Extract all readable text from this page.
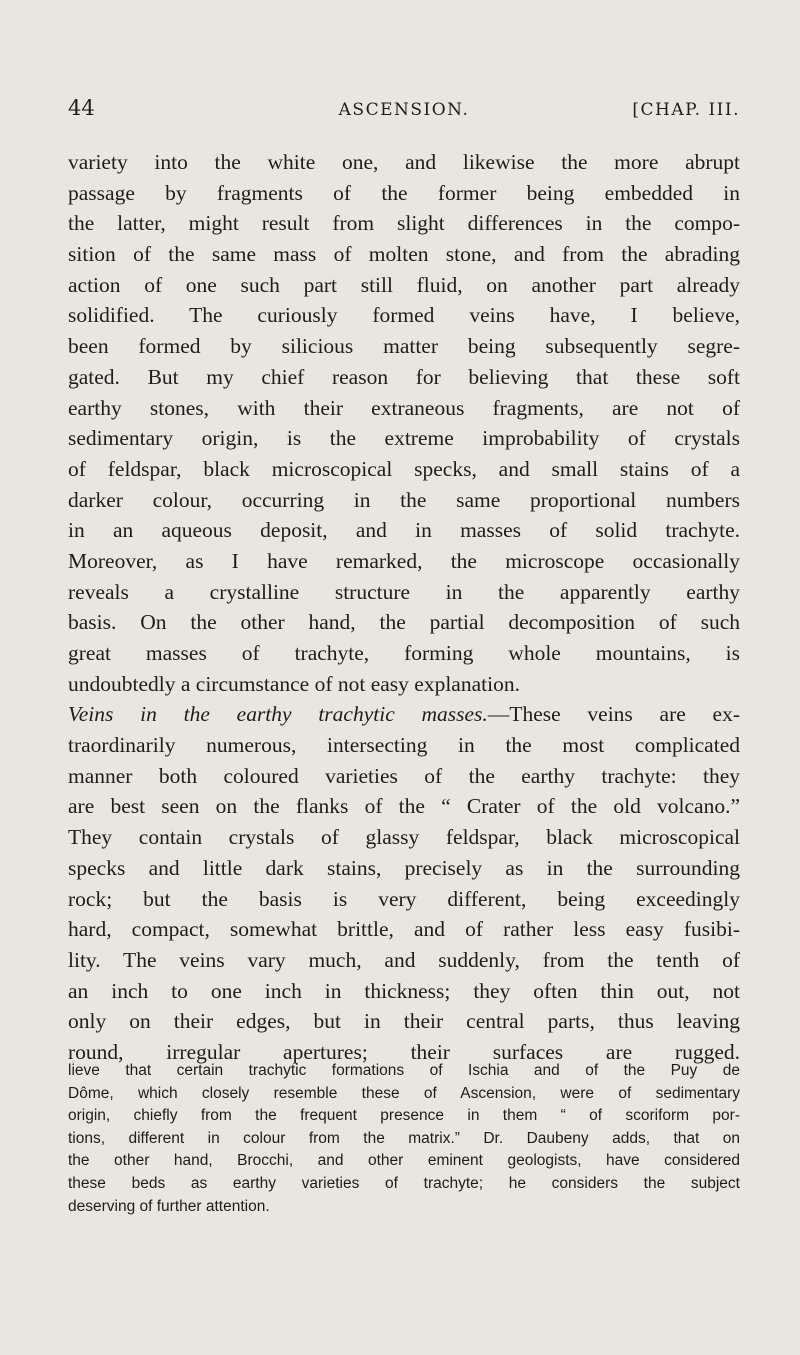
44	ASCENSION.	[CHAP. III.
variety into the white one, and likewise the more abrupt
passage by fragments of the former being embedded in
the latter, might result from slight differences in the compo-
sition of the same mass of molten stone, and from the abrading
action of one such part still fluid, on another part already
solidified. The curiously formed veins have, I believe,
been formed by silicious matter being subsequently segre-
gated. But my chief reason for believing that these soft
earthy stones, with their extraneous fragments, are not of
sedimentary origin, is the extreme improbability of crystals
of feldspar, black microscopical specks, and small stains of a
darker colour, occurring in the same proportional numbers
in an aqueous deposit, and in masses of solid trachyte.
Moreover, as I have remarked, the microscope occasionally
reveals a crystalline structure in the apparently earthy
basis. On the other hand, the partial decomposition of such
great masses of trachyte, forming whole mountains, is
undoubtedly a circumstance of not easy explanation.
Veins in the earthy trachytic masses.—These veins are ex-
traordinarily numerous, intersecting in the most complicated
manner both coloured varieties of the earthy trachyte: they
are best seen on the flanks of the “ Crater of the old volcano.”
They contain crystals of glassy feldspar, black microscopical
specks and little dark stains, precisely as in the surrounding
rock; but the basis is very different, being exceedingly
hard, compact, somewhat brittle, and of rather less easy fusibi-
lity. The veins vary much, and suddenly, from the tenth of
an inch to one inch in thickness; they often thin out, not
only on their edges, but in their central parts, thus leaving
round, irregular apertures; their surfaces are rugged.
lieve that certain trachytic formations of Ischia and of the Puy de
Dôme, which closely resemble these of Ascension, were of sedimentary
origin, chiefly from the frequent presence in them “ of scoriform por-
tions, different in colour from the matrix.” Dr. Daubeny adds, that on
the other hand, Brocchi, and other eminent geologists, have considered
these beds as earthy varieties of trachyte; he considers the subject
deserving of further attention.
